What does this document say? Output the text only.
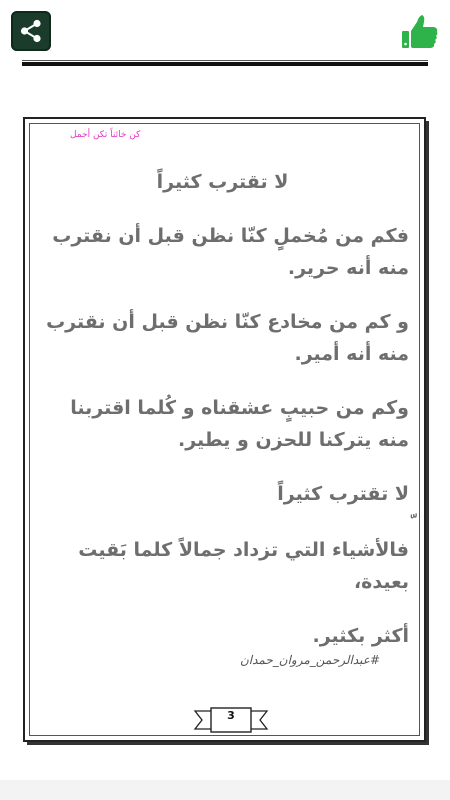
كن خائناً تكن أجمل

لا تقترب كثيراً

فكم من مُخملٍ كنّا نظن قبل أن نقترب منه أنه حرير.

و كم من مخادع كنّا نظن قبل أن نقترب منه أنه أمير.

وكم من حبيبٍ عشقناه و كُلما اقتربنا منه يتركنا للحزن و يطير.

لا تقترب كثيراً

فالأشياء التي تزداد جمالاً كلما بَقيت بعيدة،

أكثر بكثير.

#عبدالرحمن_مروان_حمدان
3
